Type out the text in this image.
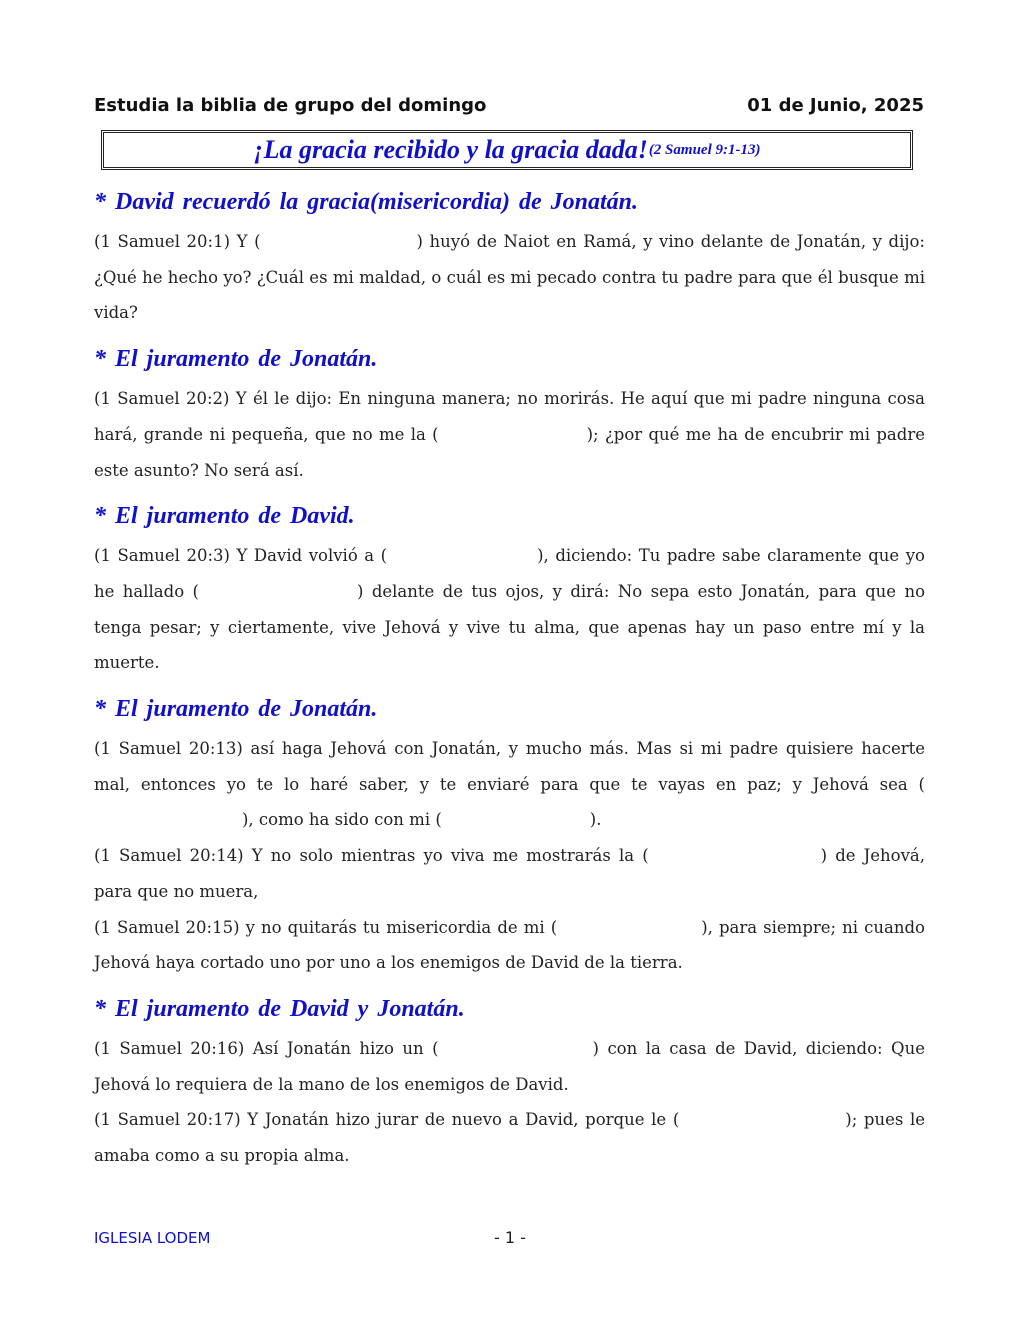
Estudia la biblia de grupo del domingo	01 de Junio, 2025
¡La gracia recibido y la gracia dada! (2 Samuel 9:1-13)
* David recuerdó la gracia(misericordia) de Jonatán.

(1 Samuel 20:1) Y (	) huyó de Naiot en Ramá, y vino delante de Jonatán, y dijo: ¿Qué he hecho yo? ¿Cuál es mi maldad, o cuál es mi pecado contra tu padre para que él busque mi vida?

* El juramento de Jonatán.

(1 Samuel 20:2) Y él le dijo: En ninguna manera; no morirás. He aquí que mi padre ninguna cosa hará, grande ni pequeña, que no me la (	); ¿por qué me ha de encubrir mi padre este asunto? No será así.

* El juramento de David.

(1 Samuel 20:3) Y David volvió a (	), diciendo: Tu padre sabe claramente que yo he hallado (	) delante de tus ojos, y dirá: No sepa esto Jonatán, para que no tenga pesar; y ciertamente, vive Jehová y vive tu alma, que apenas hay un paso entre mí y la muerte.

* El juramento de Jonatán.

(1 Samuel 20:13) así haga Jehová con Jonatán, y mucho más. Mas si mi padre quisiere hacerte mal, entonces yo te lo haré saber, y te enviaré para que te vayas en paz; y Jehová sea (), como ha sido con mi (	).

(1 Samuel 20:14) Y no solo mientras yo viva me mostrarás la (	) de Jehová, para que no muera,

(1 Samuel 20:15) y no quitarás tu misericordia de mi (	), para siempre; ni cuando Jehová haya cortado uno por uno a los enemigos de David de la tierra.

* El juramento de David y Jonatán.

(1 Samuel 20:16) Así Jonatán hizo un (	) con la casa de David, diciendo: Que Jehová lo requiera de la mano de los enemigos de David.

(1 Samuel 20:17) Y Jonatán hizo jurar de nuevo a David, porque le (	); pues le amaba como a su propia alma.

IGLESIA LODEM	- 1 -
